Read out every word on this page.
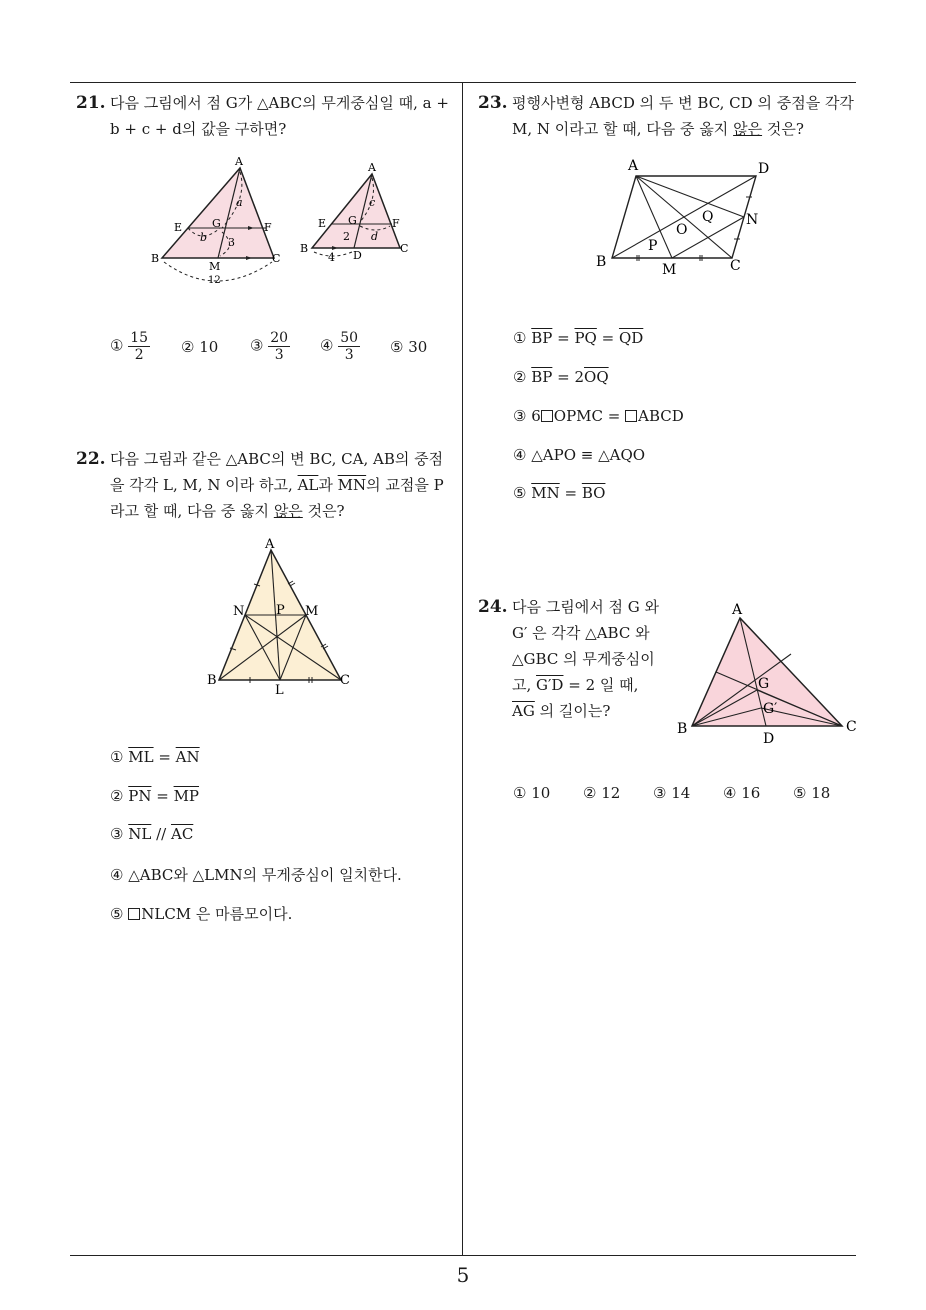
5
21. 다음 그림에서 점 G가 △ABC의 무게중심일 때, a +
b + c + d의 값을 구하면?
A
B	C
E	F
G
M
a
b 3
12
A
B	C
D
E	F
G
c
d
2
4
① $\frac{15}{2}$ ② 10 ③ $\frac{20}{3}$ ④ $\frac{50}{3}$ ⑤ 30
22. 다음 그림과 같은 △ABC의 변 BC, CA, AB의 중점
을 각각 L, M, N 이라 하고, $\overline{AL}$과 $\overline{MN}$의 교점을 P
라고 할 때, 다음 중 옳지 않은 것은?
A
B	C
L
M
N P
① $\overline{ML} = \overline{AN}$
② $\overline{PN} = \overline{MP}$
③ $\overline{NL} // \overline{AC}$
④ △ABC와 △LMN의 무게중심이 일치한다.
⑤ NLCM 은 마름모이다.
23. 평행사변형 ABCD 의 두 변 BC, CD 의 중점을 각각
M, N 이라고 할 때, 다음 중 옳지 않은 것은?
A
B	C
D
M
N
O
P
Q
① $\overline{BP} = \overline{PQ} = \overline{QD}$
② $\overline{BP} = 2\overline{OQ}$
③ 6 OPMC = ABCD
④ △APO ≡ △AQO
⑤ $\overline{MN} = \overline{BO}$
24. 다음 그림에서 점 G 와
G′ 은 각각 △ABC 와
△GBC 의 무게중심이
고, G′D = 2 일 때,
$\overline{AG}$ 의 길이는?
A
B	C
D
G
G′
① 10 ② 12 ③ 14 ④ 16 ⑤ 18
